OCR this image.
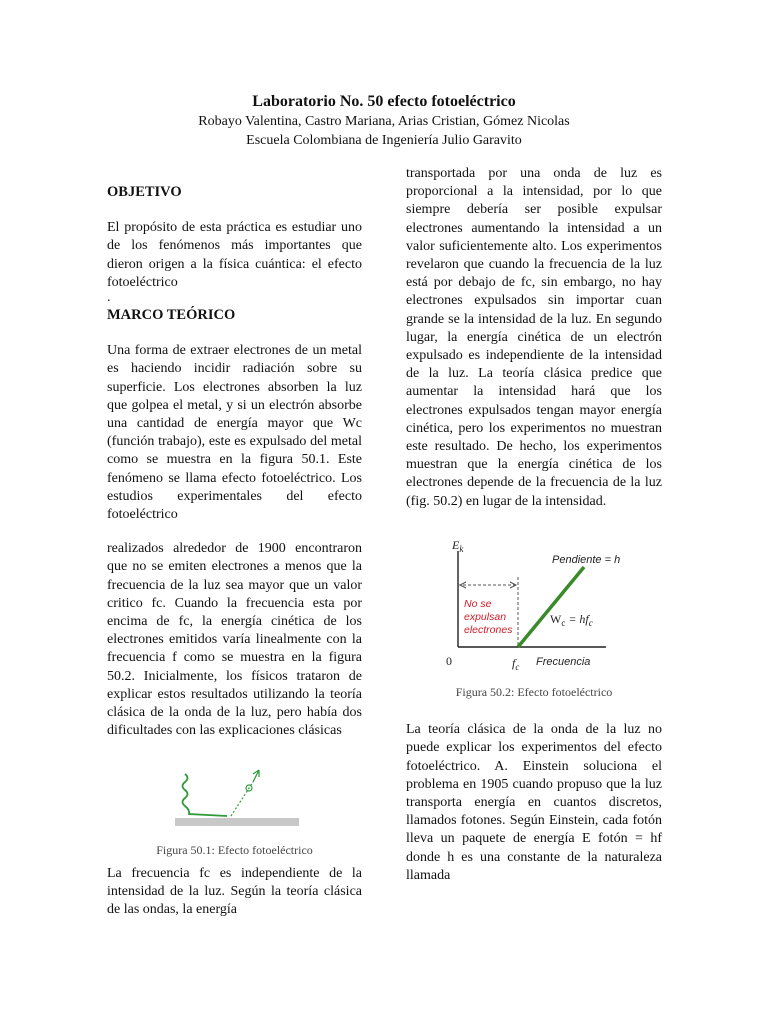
Laboratorio No. 50 efecto fotoeléctrico

Robayo Valentina, Castro Mariana, Arias Cristian, Gómez Nicolas

Escuela Colombiana de Ingeniería Julio Garavito

OBJETIVO

El propósito de esta práctica es estudiar uno de los fenómenos más importantes que dieron origen a la física cuántica: el efecto fotoeléctrico

.
MARCO TEÓRICO

Una forma de extraer electrones de un metal es haciendo incidir radiación sobre su superficie. Los electrones absorben la luz que golpea el metal, y si un electrón absorbe una cantidad de energía mayor que Wc (función trabajo), este es expulsado del metal como se muestra en la figura 50.1. Este fenómeno se llama efecto fotoeléctrico. Los estudios experimentales del efecto fotoeléctrico

realizados alrededor de 1900 encontraron que no se emiten electrones a menos que la frecuencia de la luz sea mayor que un valor critico fc. Cuando la frecuencia esta por encima de fc, la energía cinética de los electrones emitidos varía linealmente con la frecuencia f como se muestra en la figura 50.2. Inicialmente, los físicos trataron de explicar estos resultados utilizando la teoría clásica de la onda de la luz, pero había dos dificultades con las explicaciones clásicas

Figura 50.1: Efecto fotoeléctrico

La frecuencia fc es independiente de la intensidad de la luz. Según la teoría clásica de las ondas, la energía

transportada por una onda de luz es proporcional a la intensidad, por lo que siempre debería ser posible expulsar electrones aumentando la intensidad a un valor suficientemente alto. Los experimentos revelaron que cuando la frecuencia de la luz está por debajo de fc, sin embargo, no hay electrones expulsados sin importar cuan grande se la intensidad de la luz. En segundo lugar, la energía cinética de un electrón expulsado es independiente de la intensidad de la luz. La teoría clásica predice que aumentar la intensidad hará que los electrones expulsados tengan mayor energía cinética, pero los experimentos no muestran este resultado. De hecho, los experimentos muestran que la energía cinética de los electrones depende de la frecuencia de la luz (fig. 50.2) en lugar de la intensidad.

$E_k$
0	$f_c$ Frecuencia
No se
expulsan
electrones
Pendiente = h
$W_c = hf_c$
Figura 50.2: Efecto fotoeléctrico

La teoría clásica de la onda de la luz no puede explicar los experimentos del efecto fotoeléctrico. A. Einstein soluciona el problema en 1905 cuando propuso que la luz transporta energía en cuantos discretos, llamados fotones. Según Einstein, cada fotón lleva un paquete de energía E fotón = hf donde h es una constante de la naturaleza llamada
